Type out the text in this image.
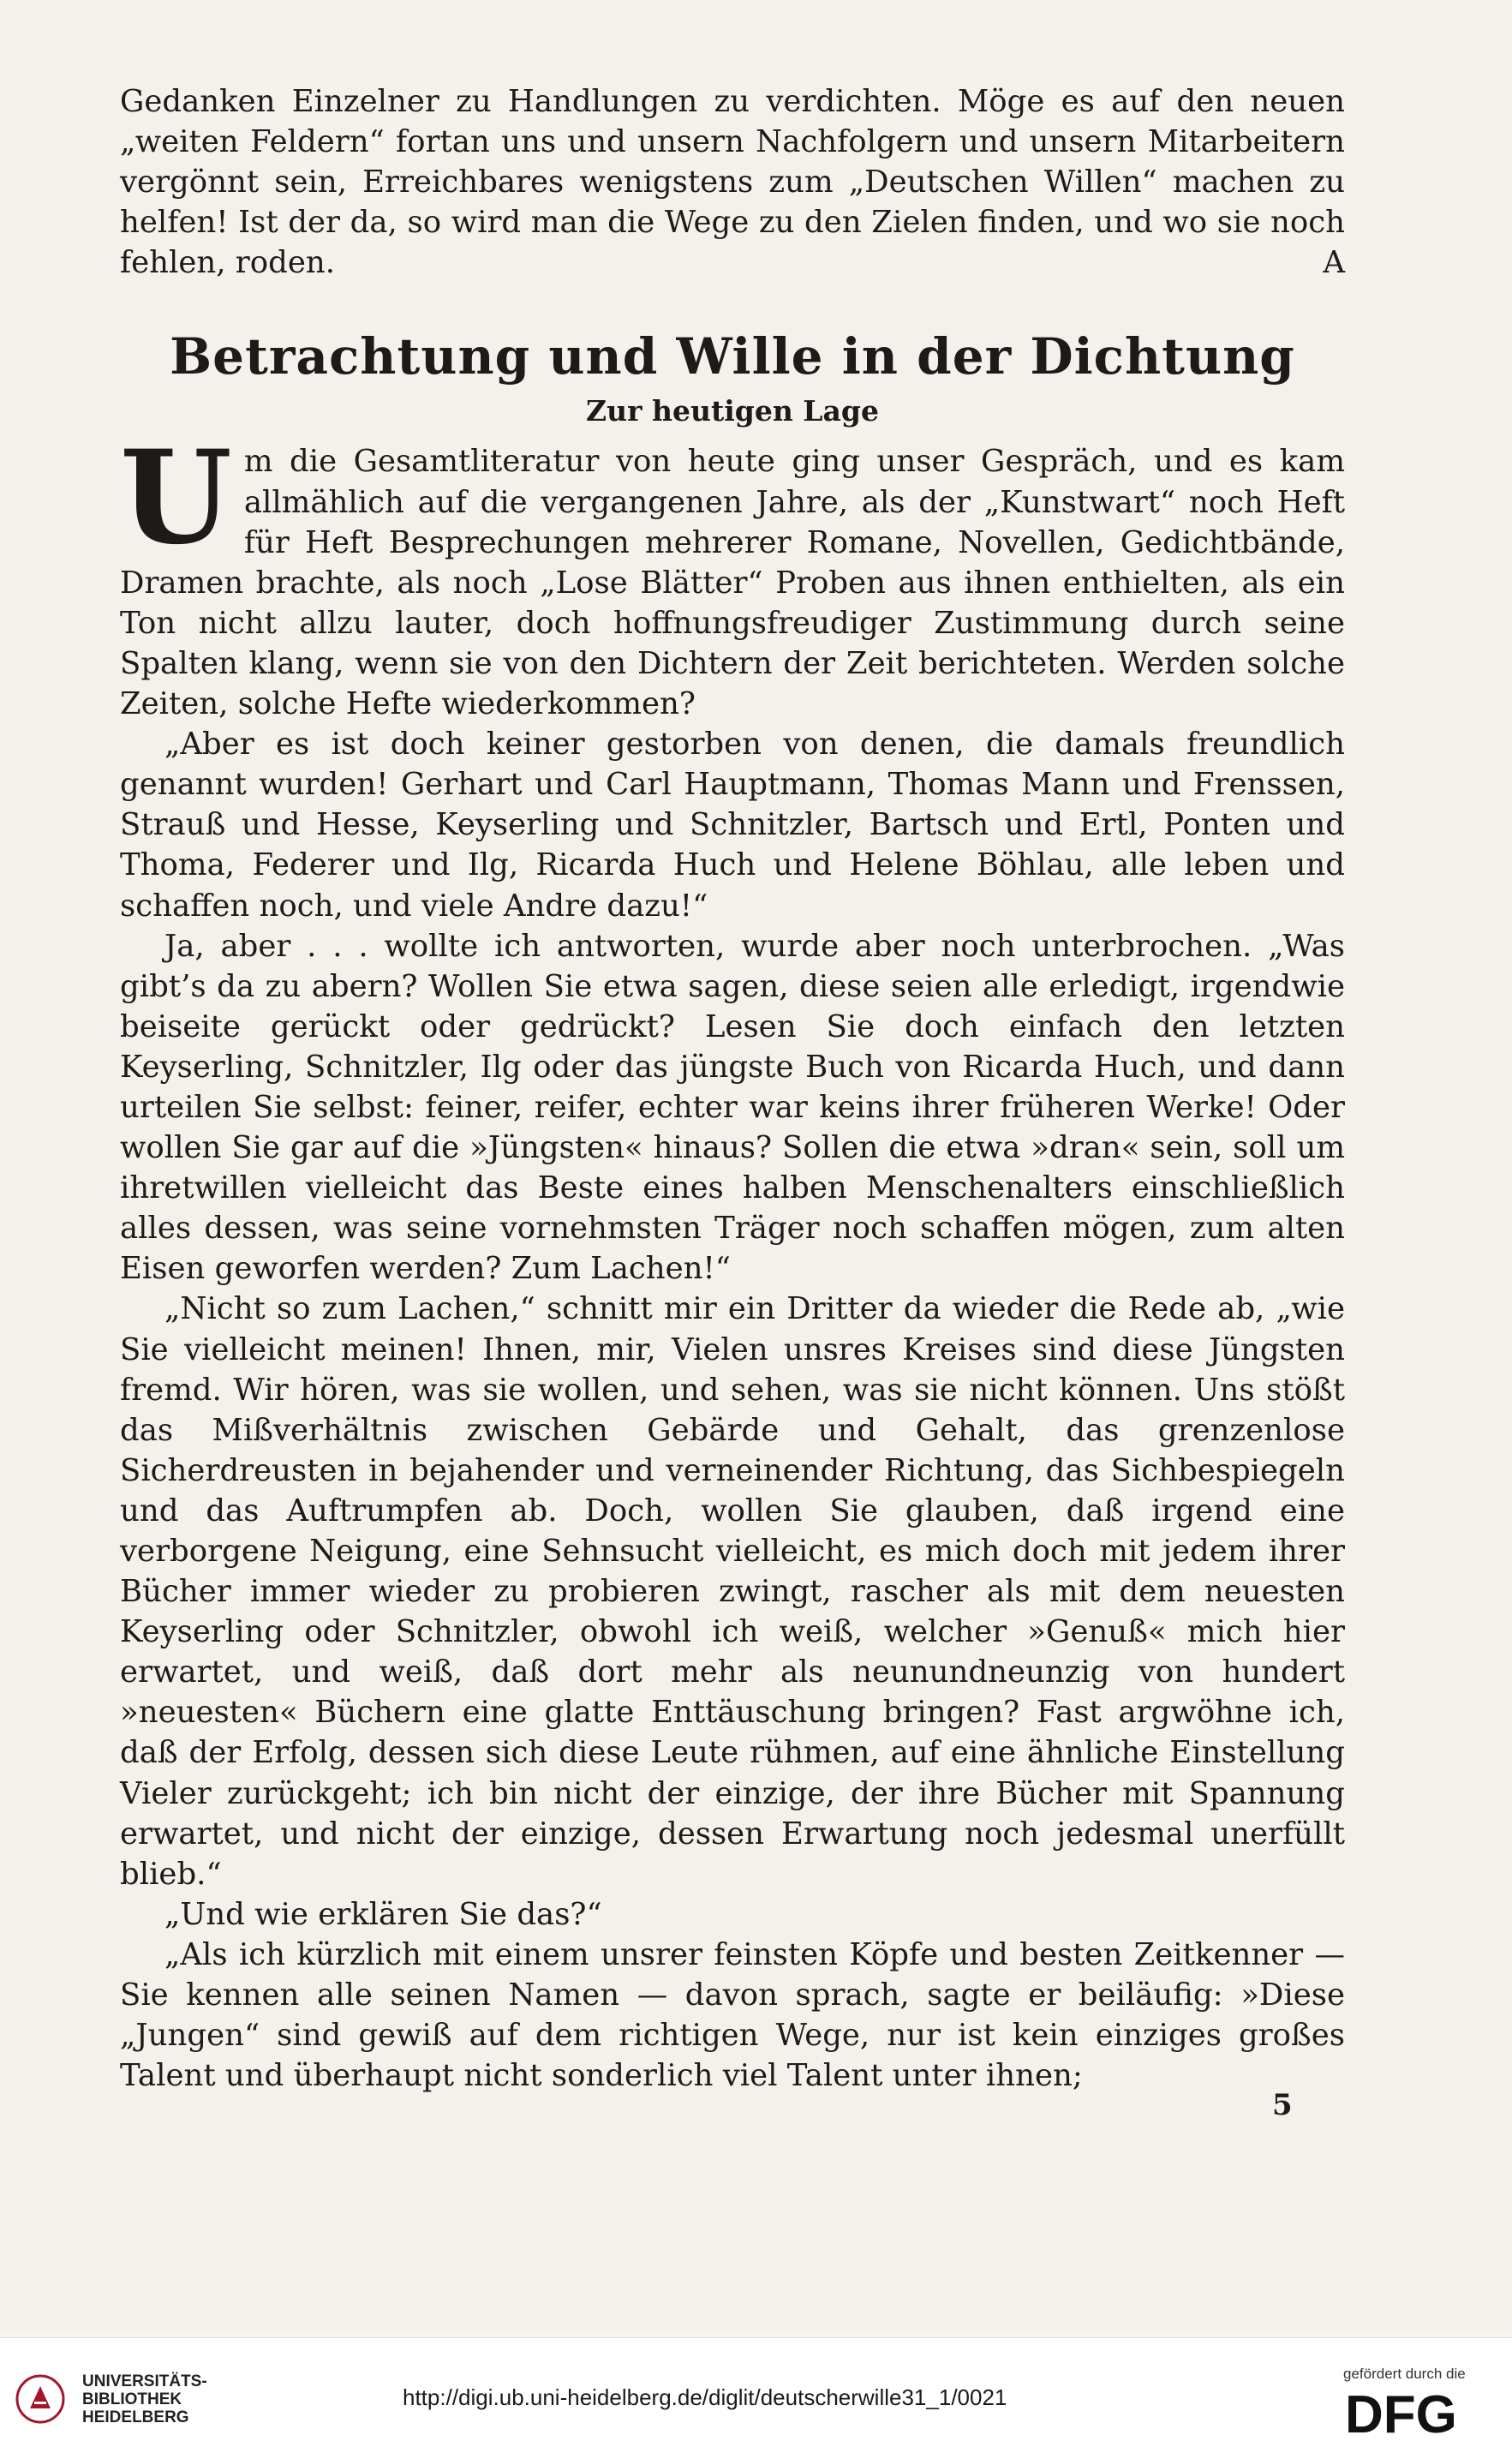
Gedanken Einzelner zu Handlungen zu verdichten. Möge es auf den neuen „weiten Feldern“ fortan uns und unsern Nachfolgern und unsern Mitarbeitern vergönnt sein, Erreichbares wenigstens zum „Deutschen Willen“ machen zu helfen! Ist der da, so wird man die Wege zu den Zielen finden, und wo sie noch fehlen, roden.	A

Betrachtung und Wille in der Dichtung
Zur heutigen Lage

U m die Gesamtliteratur von heute ging unser Gespräch, und es kam allmählich auf die vergangenen Jahre, als der „Kunstwart“ noch Heft für Heft Besprechungen mehrerer Romane, Novellen, Gedichtbände, Dramen brachte, als noch „Lose Blätter“ Proben aus ihnen enthielten, als ein Ton nicht allzu lauter, doch hoffnungsfreudiger Zustimmung durch seine Spalten klang, wenn sie von den Dichtern der Zeit berichteten. Werden solche Zeiten, solche Hefte wiederkommen?

„Aber es ist doch keiner gestorben von denen, die damals freundlich genannt wurden! Gerhart und Carl Hauptmann, Thomas Mann und Frenssen, Strauß und Hesse, Keyserling und Schnitzler, Bartsch und Ertl, Ponten und Thoma, Federer und Ilg, Ricarda Huch und Helene Böhlau, alle leben und schaffen noch, und viele Andre dazu!“

Ja, aber . . . wollte ich antworten, wurde aber noch unterbrochen. „Was gibt’s da zu abern? Wollen Sie etwa sagen, diese seien alle erledigt, irgendwie beiseite gerückt oder gedrückt? Lesen Sie doch einfach den letzten Keyserling, Schnitzler, Ilg oder das jüngste Buch von Ricarda Huch, und dann urteilen Sie selbst: feiner, reifer, echter war keins ihrer früheren Werke! Oder wollen Sie gar auf die »Jüngsten« hinaus? Sollen die etwa »dran« sein, soll um ihretwillen vielleicht das Beste eines halben Menschenalters einschließlich alles dessen, was seine vornehmsten Träger noch schaffen mögen, zum alten Eisen geworfen werden? Zum Lachen!“

„Nicht so zum Lachen,“ schnitt mir ein Dritter da wieder die Rede ab, „wie Sie vielleicht meinen! Ihnen, mir, Vielen unsres Kreises sind diese Jüngsten fremd. Wir hören, was sie wollen, und sehen, was sie nicht können. Uns stößt das Mißverhältnis zwischen Gebärde und Gehalt, das grenzenlose Sicherdreusten in bejahender und verneinender Richtung, das Sichbespiegeln und das Auftrumpfen ab. Doch, wollen Sie glauben, daß irgend eine verborgene Neigung, eine Sehnsucht vielleicht, es mich doch mit jedem ihrer Bücher immer wieder zu probieren zwingt, rascher als mit dem neuesten Keyserling oder Schnitzler, obwohl ich weiß, welcher »Genuß« mich hier erwartet, und weiß, daß dort mehr als neunundneunzig von hundert »neuesten« Büchern eine glatte Enttäuschung bringen? Fast argwöhne ich, daß der Erfolg, dessen sich diese Leute rühmen, auf eine ähnliche Einstellung Vieler zurückgeht; ich bin nicht der einzige, der ihre Bücher mit Spannung erwartet, und nicht der einzige, dessen Erwartung noch jedesmal unerfüllt blieb.“

„Und wie erklären Sie das?“

„Als ich kürzlich mit einem unsrer feinsten Köpfe und besten Zeitkenner — Sie kennen alle seinen Namen — davon sprach, sagte er beiläufig: »Diese „Jungen“ sind gewiß auf dem richtigen Wege, nur ist kein einziges großes Talent und überhaupt nicht sonderlich viel Talent unter ihnen;

5
UNIVERSITÄTS-
BIBLIOTHEK
HEIDELBERG
http://digi.ub.uni-heidelberg.de/diglit/deutscherwille31_1/0021
gefördert durch die
DFG
